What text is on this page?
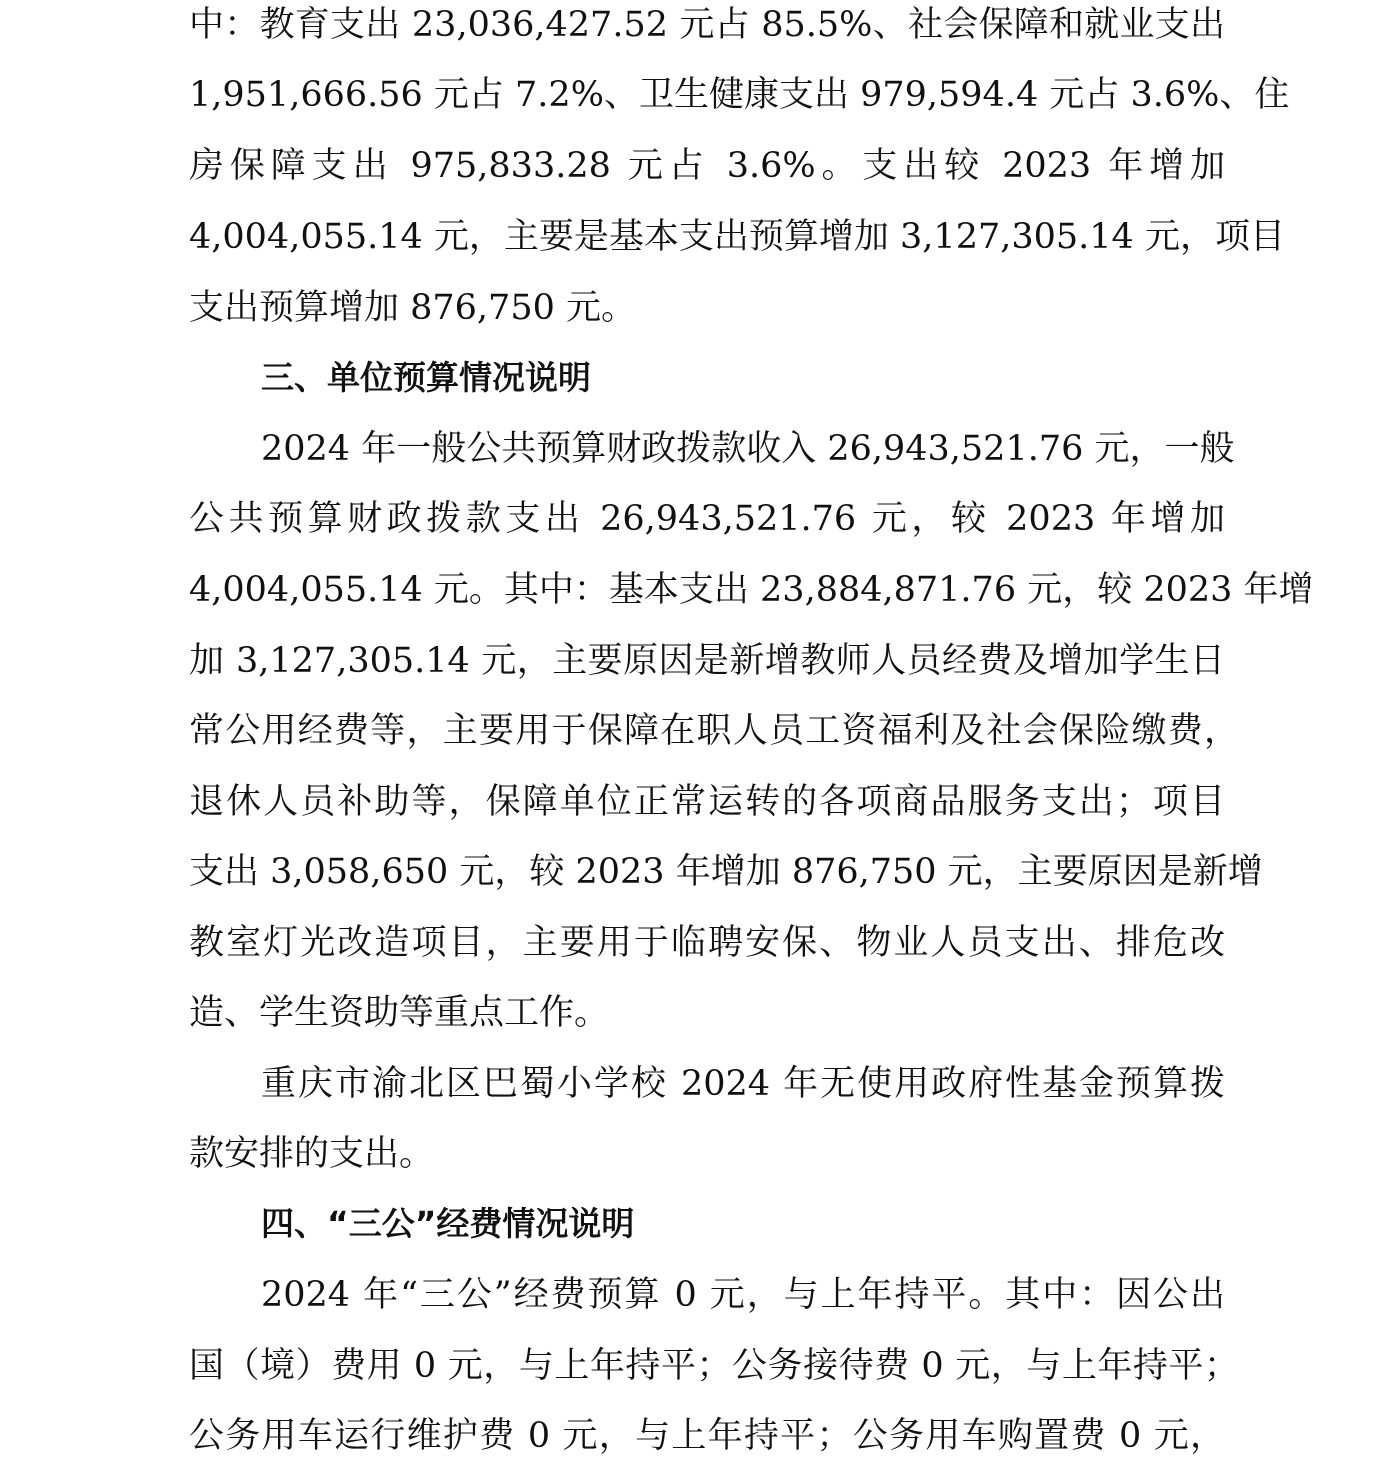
中：教育支出 23,036,427.52 元占 85.5%、社会保障和就业支出

1,951,666.56 元占 7.2%、卫生健康支出 979,594.4 元占 3.6%、住

房保障支出 975,833.28 元占 3.6%。支出较 2023 年增加

4,004,055.14 元，主要是基本支出预算增加 3,127,305.14 元，项目

支出预算增加 876,750 元。

三、单位预算情况说明

2024 年一般公共预算财政拨款收入 26,943,521.76 元，一般

公共预算财政拨款支出 26,943,521.76 元，较 2023 年增加

4,004,055.14 元。其中：基本支出 23,884,871.76 元，较 2023 年增

加 3,127,305.14 元，主要原因是新增教师人员经费及增加学生日

常公用经费等，主要用于保障在职人员工资福利及社会保险缴费，

退休人员补助等，保障单位正常运转的各项商品服务支出；项目

支出 3,058,650 元，较 2023 年增加 876,750 元，主要原因是新增

教室灯光改造项目，主要用于临聘安保、物业人员支出、排危改

造、学生资助等重点工作。

重庆市渝北区巴蜀小学校 2024 年无使用政府性基金预算拨

款安排的支出。

四、“三公”经费情况说明

2024 年“三公”经费预算 0 元，与上年持平。其中：因公出

国（境）费用 0 元，与上年持平；公务接待费 0 元，与上年持平；

公务用车运行维护费 0 元，与上年持平；公务用车购置费 0 元，
